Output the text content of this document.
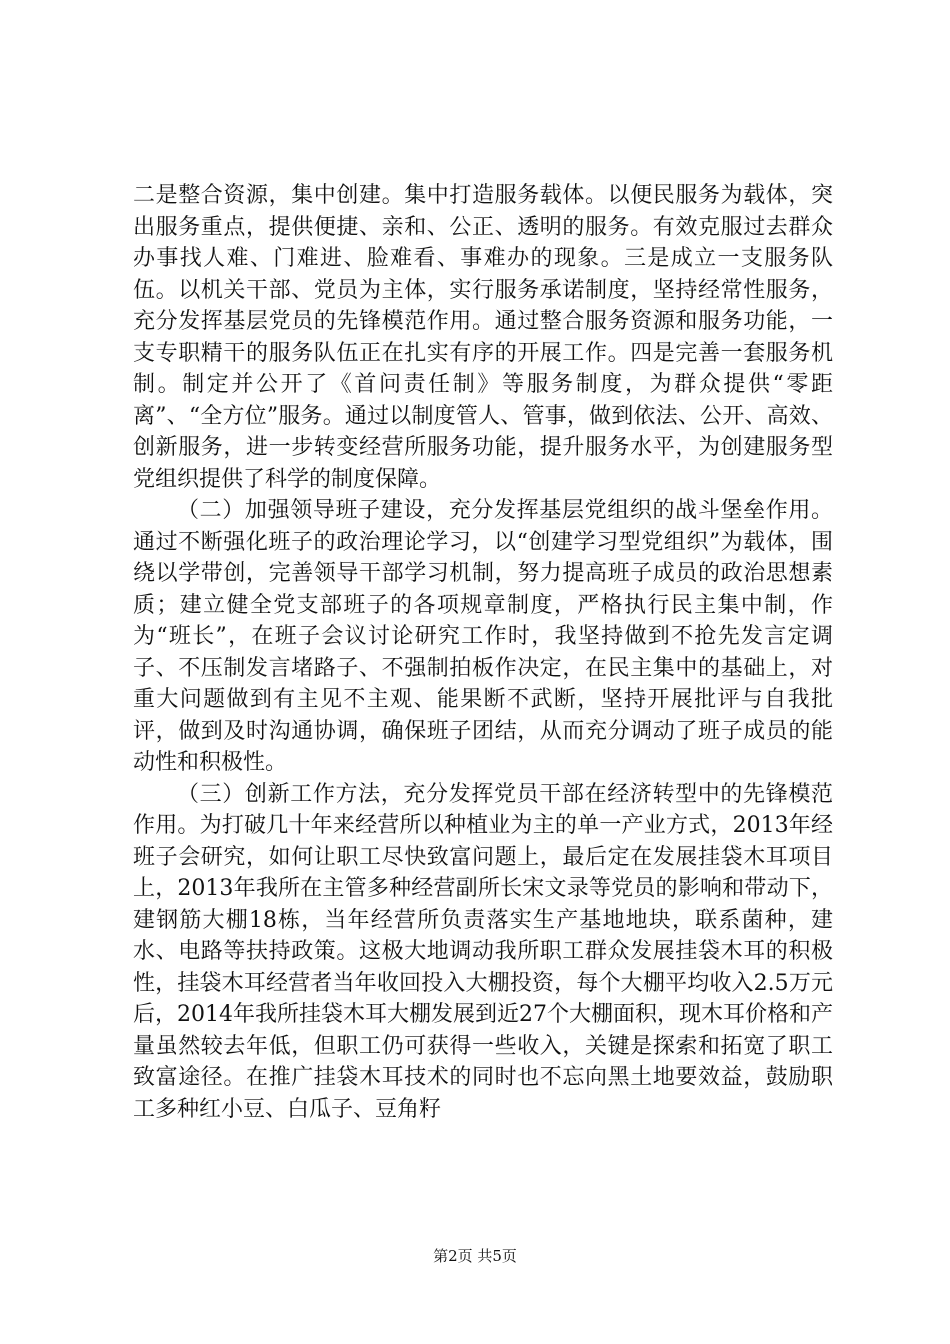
二是整合资源，集中创建。集中打造服务载体。以便民服务为载体，突出服务重点，提供便捷、亲和、公正、透明的服务。有效克服过去群众办事找人难、门难进、脸难看、事难办的现象。三是成立一支服务队伍。以机关干部、党员为主体，实行服务承诺制度，坚持经常性服务，充分发挥基层党员的先锋模范作用。通过整合服务资源和服务功能，一支专职精干的服务队伍正在扎实有序的开展工作。四是完善一套服务机制。制定并公开了《首问责任制》等服务制度，为群众提供“零距离”、“全方位”服务。通过以制度管人、管事，做到依法、公开、高效、创新服务，进一步转变经营所服务功能，提升服务水平，为创建服务型党组织提供了科学的制度保障。

（二）加强领导班子建设，充分发挥基层党组织的战斗堡垒作用。通过不断强化班子的政治理论学习，以“创建学习型党组织”为载体，围绕以学带创，完善领导干部学习机制，努力提高班子成员的政治思想素质；建立健全党支部班子的各项规章制度，严格执行民主集中制，作为“班长”，在班子会议讨论研究工作时，我坚持做到不抢先发言定调子、不压制发言堵路子、不强制拍板作决定，在民主集中的基础上，对重大问题做到有主见不主观、能果断不武断，坚持开展批评与自我批评，做到及时沟通协调，确保班子团结，从而充分调动了班子成员的能动性和积极性。

（三）创新工作方法，充分发挥党员干部在经济转型中的先锋模范作用。为打破几十年来经营所以种植业为主的单一产业方式，2013年经班子会研究，如何让职工尽快致富问题上，最后定在发展挂袋木耳项目上，2013年我所在主管多种经营副所长宋文录等党员的影响和带动下，建钢筋大棚18栋，当年经营所负责落实生产基地地块，联系菌种，建水、电路等扶持政策。这极大地调动我所职工群众发展挂袋木耳的积极性，挂袋木耳经营者当年收回投入大棚投资，每个大棚平均收入2.5万元后，2014年我所挂袋木耳大棚发展到近27个大棚面积，现木耳价格和产量虽然较去年低，但职工仍可获得一些收入，关键是探索和拓宽了职工致富途径。在推广挂袋木耳技术的同时也不忘向黑土地要效益，鼓励职工多种红小豆、白瓜子、豆角籽

第2页 共5页
